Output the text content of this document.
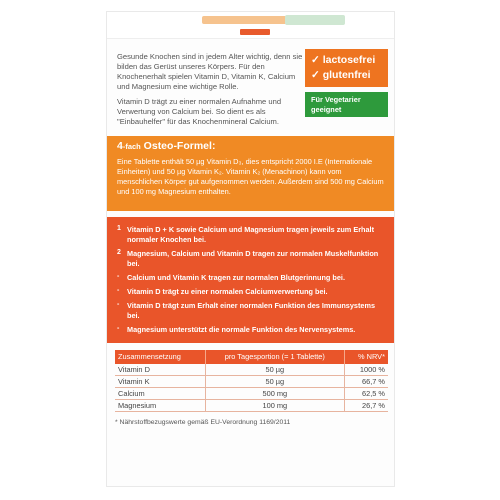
Gesunde Knochen sind in jedem Alter wichtig, denn sie bilden das Gerüst unseres Körpers. Für den Knochenerhalt spielen Vitamin D, Vitamin K, Calcium und Magnesium eine wichtige Rolle.

Vitamin D trägt zu einer normalen Aufnahme und Verwertung von Calcium bei. So dient es als "Einbauhelfer" für das Knochenmineral Calcium.

✓ lactosefrei
✓ glutenfrei
Für Vegetarier geeignet
4-fach Osteo-Formel:
Eine Tablette enthält 50 µg Vitamin D₃, dies entspricht 2000 I.E (Internationale Einheiten) und 50 µg Vitamin K₂. Vitamin K₂ (Menachinon) kann vom menschlichen Körper gut aufgenommen werden. Außerdem sind 500 mg Calcium und 100 mg Magnesium enthalten.
1 Vitamin D + K sowie Calcium und Magnesium tragen jeweils zum Erhalt normaler Knochen bei.
2 Magnesium, Calcium und Vitamin D tragen zur normalen Muskelfunktion bei.
- Calcium und Vitamin K tragen zur normalen Blutgerinnung bei.
- Vitamin D trägt zu einer normalen Calciumverwertung bei.
- Vitamin D trägt zum Erhalt einer normalen Funktion des Immunsystems bei.
- Magnesium unterstützt die normale Funktion des Nervensystems.
Zusammensetzung	pro Tagesportion (= 1 Tablette)	% NRV*
Vitamin D	50 µg	1000 %
Vitamin K	50 µg	66,7 %
Calcium	500 mg	62,5 %
Magnesium	100 mg	26,7 %
* Nährstoffbezugswerte gemäß EU-Verordnung 1169/2011
